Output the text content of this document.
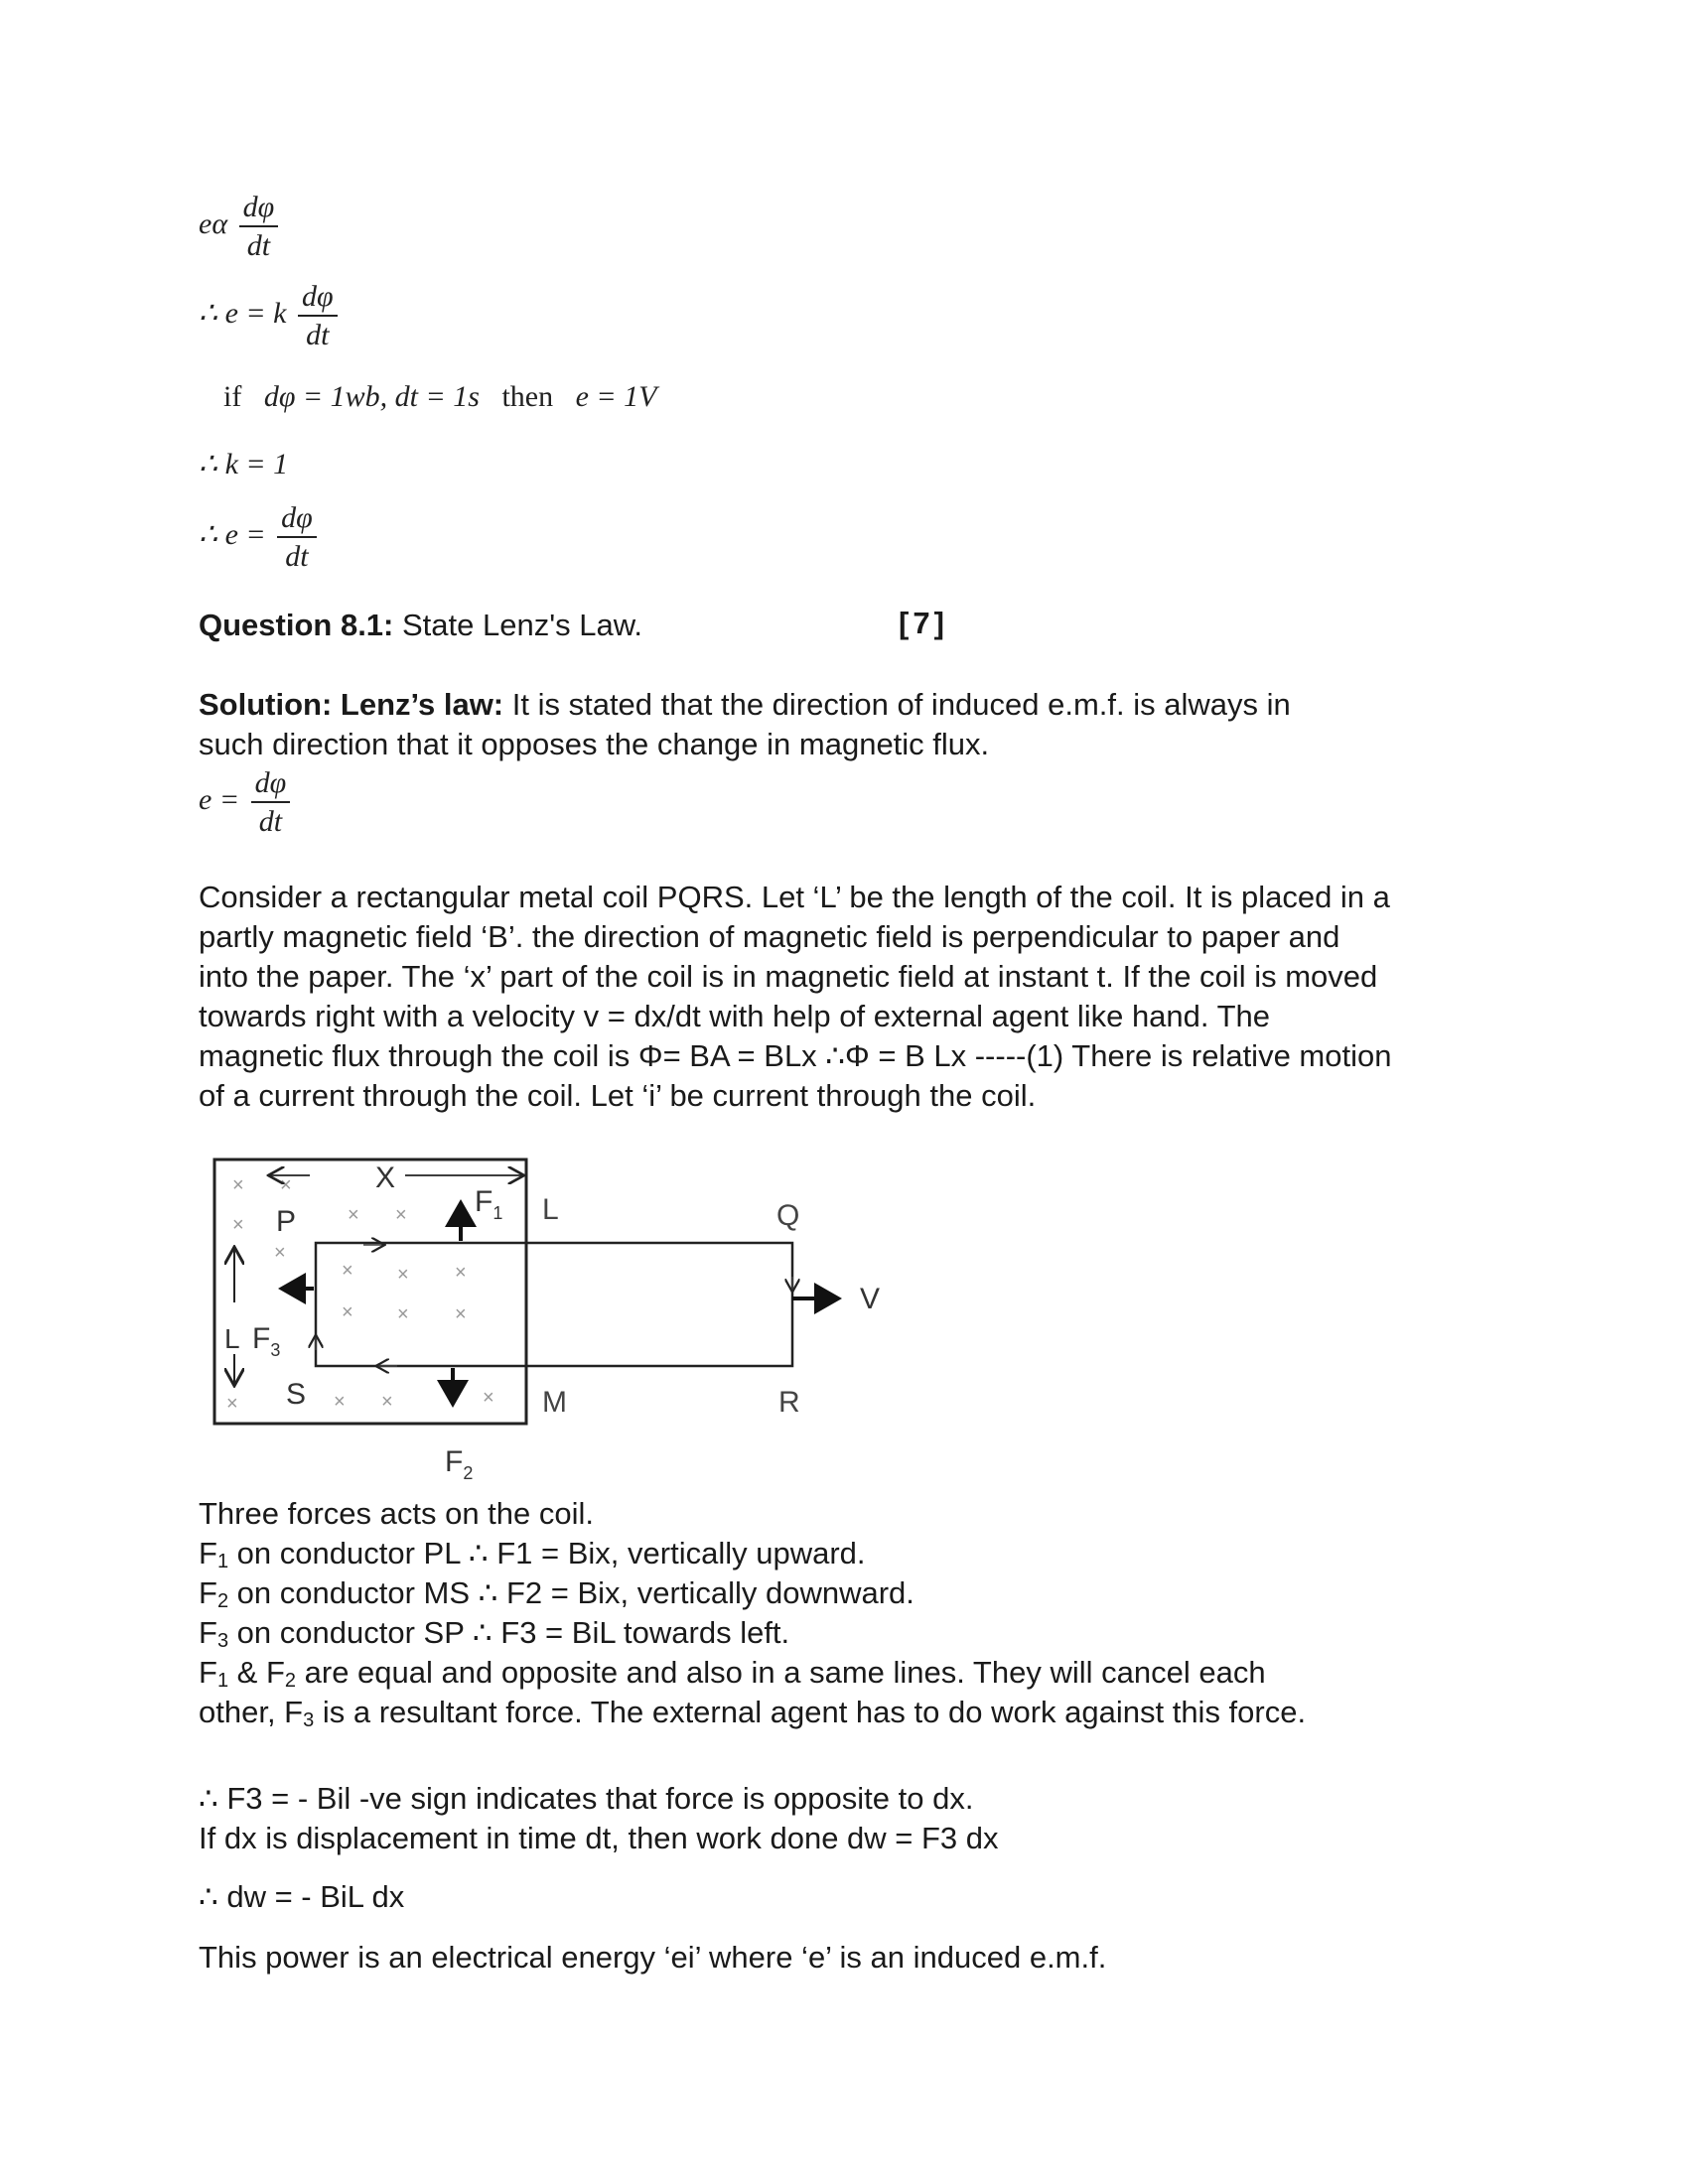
eα $\frac{d\varphi}{dt}$
∴ e = k $\frac{d\varphi}{dt}$
if dφ = 1wb, dt = 1s then e = 1V
∴ k = 1
∴ $e = \frac{d\varphi}{dt}$
Question 8.1: State Lenz's Law.	[7]
Solution: Lenz’s law: It is stated that the direction of induced e.m.f. is always in
such direction that it opposes the change in magnetic flux.
$e = \frac{d\varphi}{dt}$
Consider a rectangular metal coil PQRS. Let ‘L’ be the length of the coil. It is placed in a
partly magnetic field ‘B’. the direction of magnetic field is perpendicular to paper and
into the paper. The ‘x’ part of the coil is in magnetic field at instant t. If the coil is moved
towards right with a velocity v = dx/dt with help of external agent like hand. The
magnetic flux through the coil is Φ= BA = BLx ∴Φ = B Lx -----(1) There is relative motion
of a current through the coil. Let ‘i’ be current through the coil.
× ×
×	× ×
×
× × ×
× × ×
×	× ×	×
X
$F_1$ L	Q
P
L $F_3$
V
S	M	R
$F_2$
Three forces acts on the coil.
$F_1$ on conductor PL ∴ F1 = Bix, vertically upward.
$F_2$ on conductor MS ∴ F2 = Bix, vertically downward.
$F_3$ on conductor SP ∴ F3 = BiL towards left.
$F_1$ & $F_2$ are equal and opposite and also in a same lines. They will cancel each
other, $F_3$ is a resultant force. The external agent has to do work against this force.
∴ F3 = - Bil -ve sign indicates that force is opposite to dx.
If dx is displacement in time dt, then work done dw = F3 dx
∴ dw = - BiL dx
This power is an electrical energy ‘ei’ where ‘e’ is an induced e.m.f.
